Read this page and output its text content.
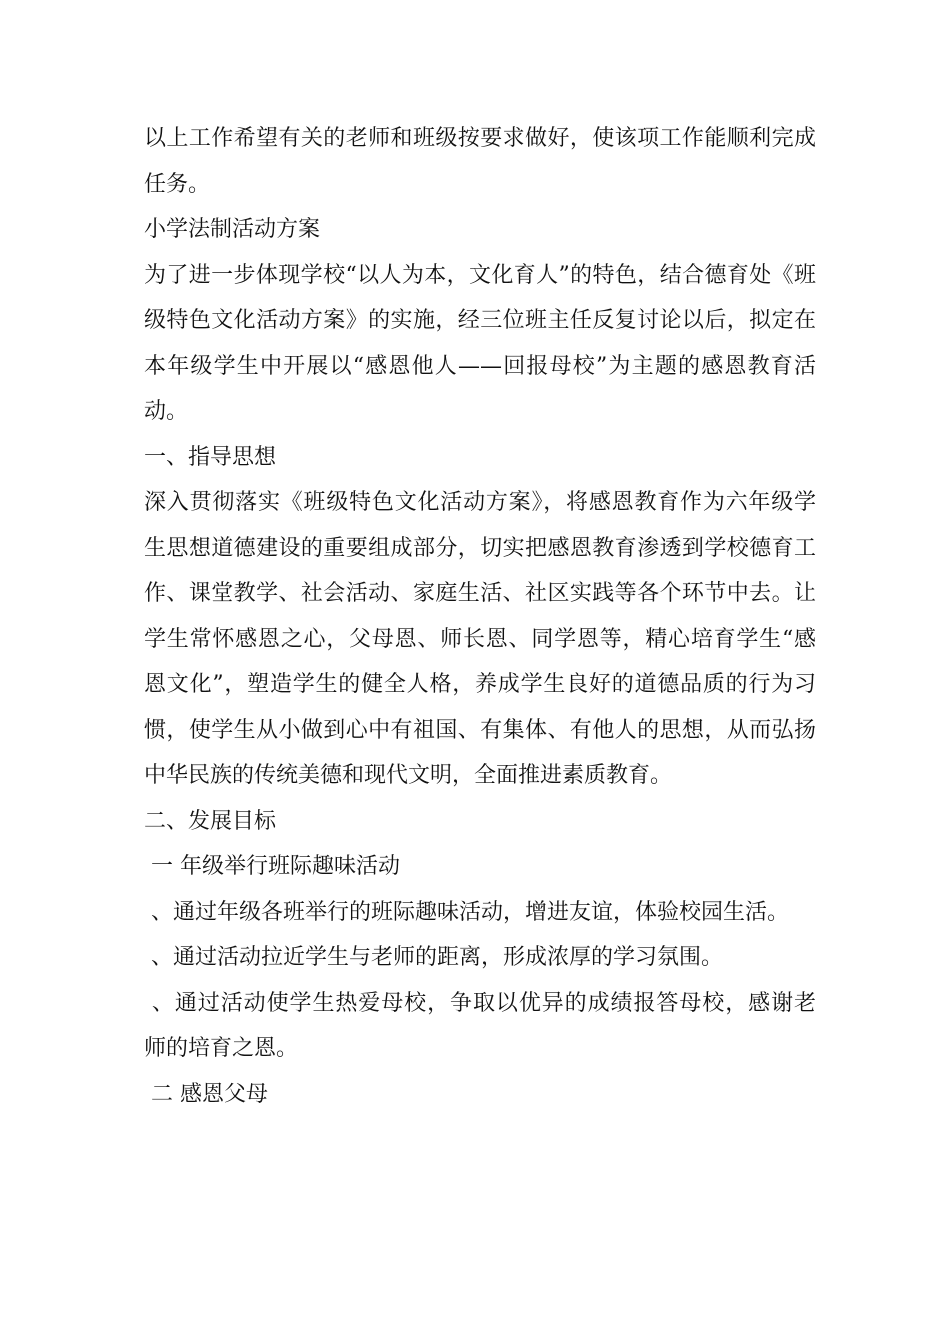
以上工作希望有关的老师和班级按要求做好，使该项工作能顺利完成
任务。
小学法制活动方案
为了进一步体现学校“以人为本，文化育人”的特色，结合德育处《班
级特色文化活动方案》的实施，经三位班主任反复讨论以后，拟定在
本年级学生中开展以“感恩他人——回报母校”为主题的感恩教育活
动。
一、指导思想
深入贯彻落实《班级特色文化活动方案》，将感恩教育作为六年级学
生思想道德建设的重要组成部分，切实把感恩教育渗透到学校德育工
作、课堂教学、社会活动、家庭生活、社区实践等各个环节中去。让
学生常怀感恩之心，父母恩、师长恩、同学恩等，精心培育学生“感
恩文化”，塑造学生的健全人格，养成学生良好的道德品质的行为习
惯，使学生从小做到心中有祖国、有集体、有他人的思想，从而弘扬
中华民族的传统美德和现代文明，全面推进素质教育。
二、发展目标
一 年级举行班际趣味活动
、通过年级各班举行的班际趣味活动，增进友谊，体验校园生活。
、通过活动拉近学生与老师的距离，形成浓厚的学习氛围。
、通过活动使学生热爱母校，争取以优异的成绩报答母校，感谢老
师的培育之恩。
二 感恩父母
